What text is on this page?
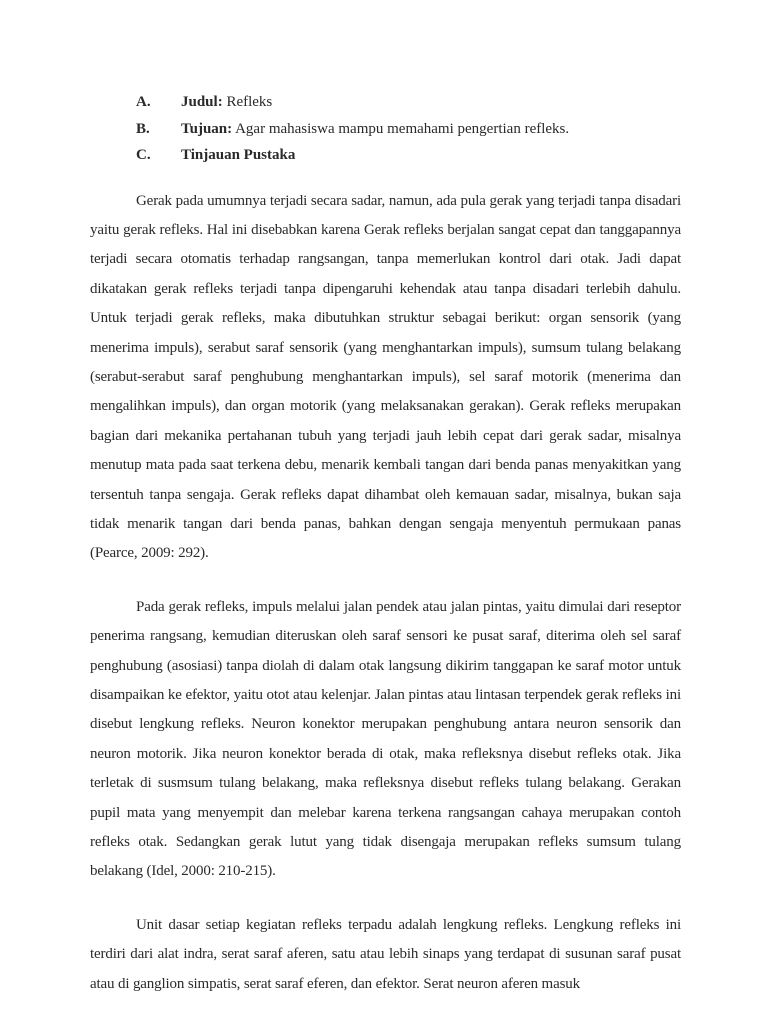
A.	Judul: Refleks
B.	Tujuan: Agar mahasiswa mampu memahami pengertian refleks.
C.	Tinjauan Pustaka

Gerak pada umumnya terjadi secara sadar, namun, ada pula gerak yang terjadi tanpa disadari yaitu gerak refleks. Hal ini disebabkan karena Gerak refleks berjalan sangat cepat dan tanggapannya terjadi secara otomatis terhadap rangsangan, tanpa memerlukan kontrol dari otak. Jadi dapat dikatakan gerak refleks terjadi tanpa dipengaruhi kehendak atau tanpa disadari terlebih dahulu. Untuk terjadi gerak refleks, maka dibutuhkan struktur sebagai berikut: organ sensorik (yang menerima impuls), serabut saraf sensorik (yang menghantarkan impuls), sumsum tulang belakang (serabut-serabut saraf penghubung menghantarkan impuls), sel saraf motorik (menerima dan mengalihkan impuls), dan organ motorik (yang melaksanakan gerakan). Gerak refleks merupakan bagian dari mekanika pertahanan tubuh yang terjadi jauh lebih cepat dari gerak sadar, misalnya menutup mata pada saat terkena debu, menarik kembali tangan dari benda panas menyakitkan yang tersentuh tanpa sengaja. Gerak refleks dapat dihambat oleh kemauan sadar, misalnya, bukan saja tidak menarik tangan dari benda panas, bahkan dengan sengaja menyentuh permukaan panas (Pearce, 2009: 292).

Pada gerak refleks, impuls melalui jalan pendek atau jalan pintas, yaitu dimulai dari reseptor penerima rangsang, kemudian diteruskan oleh saraf sensori ke pusat saraf, diterima oleh sel saraf penghubung (asosiasi) tanpa diolah di dalam otak langsung dikirim tanggapan ke saraf motor untuk disampaikan ke efektor, yaitu otot atau kelenjar. Jalan pintas atau lintasan terpendek gerak refleks ini disebut lengkung refleks. Neuron konektor merupakan penghubung antara neuron sensorik dan neuron motorik. Jika neuron konektor berada di otak, maka refleksnya disebut refleks otak. Jika terletak di susmsum tulang belakang, maka refleksnya disebut refleks tulang belakang. Gerakan pupil mata yang menyempit dan melebar karena terkena rangsangan cahaya merupakan contoh refleks otak. Sedangkan gerak lutut yang tidak disengaja merupakan refleks sumsum tulang belakang (Idel, 2000: 210-215).

Unit dasar setiap kegiatan refleks terpadu adalah lengkung refleks. Lengkung refleks ini terdiri dari alat indra, serat saraf aferen, satu atau lebih sinaps yang terdapat di susunan saraf pusat atau di ganglion simpatis, serat saraf eferen, dan efektor. Serat neuron aferen masuk
